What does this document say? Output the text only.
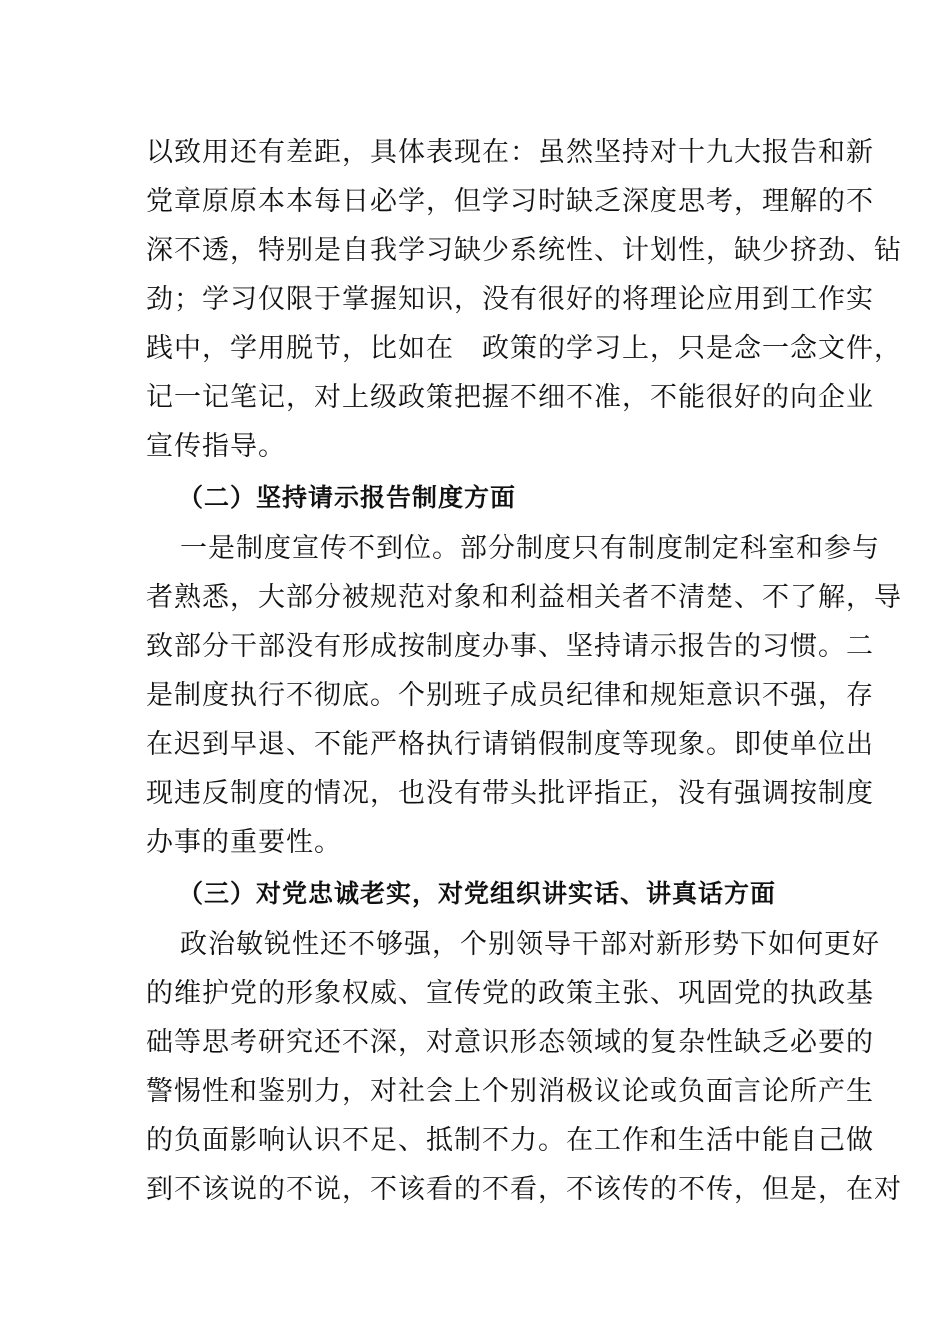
以 致 用 还 有 差 距 ， 具 体 表 现 在 ： 虽 然 坚 持 对 十 九 大 报 告 和 新
党 章 原 原 本 本 每 日 必 学 ， 但 学 习 时 缺 乏 深 度 思 考 ， 理 解 的 不
深 不 透 ， 特 别 是 自 我 学 习 缺 少 系 统 性 、 计 划 性 ， 缺 少 挤 劲 、 钻
劲 ； 学 习 仅 限 于 掌 握 知 识 ， 没 有 很 好 的 将 理 论 应 用 到 工 作 实
践 中 ， 学 用 脱 节 ， 比 如 在
　 政 策 的 学 习 上 ， 只 是 念 一 念 文 件 ，
记 一 记 笔 记 ， 对 上 级 政 策 把 握 不 细 不 准 ， 不 能 很 好 的 向 企 业
宣传指导。
（二）坚持请示报告制度方面
一 是 制 度 宣 传 不 到 位 。 部 分 制 度 只 有 制 度 制 定 科 室 和 参 与
者 熟 悉 ， 大 部 分 被 规 范 对 象 和 利 益 相 关 者 不 清 楚 、 不 了 解 ， 导
致 部 分 干 部 没 有 形 成 按 制 度 办 事 、 坚 持 请 示 报 告 的 习 惯 。 二
是 制 度 执 行 不 彻 底 。 个 别 班 子 成 员 纪 律 和 规 矩 意 识 不 强 ， 存
在 迟 到 早 退 、 不 能 严 格 执 行 请 销 假 制 度 等 现 象 。 即 使 单 位 出
现 违 反 制 度 的 情 况 ， 也 没 有 带 头 批 评 指 正 ， 没 有 强 调 按 制 度
办事的重要性。
（三）对党忠诚老实，对党组织讲实话、讲真话方面
政 治 敏 锐 性 还 不 够 强 ， 个 别 领 导 干 部 对 新 形 势 下 如 何 更 好
的 维 护 党 的 形 象 权 威 、 宣 传 党 的 政 策 主 张 、 巩 固 党 的 执 政 基
础 等 思 考 研 究 还 不 深 ， 对 意 识 形 态 领 域 的 复 杂 性 缺 乏 必 要 的
警 惕 性 和 鉴 别 力 ， 对 社 会 上 个 别 消 极 议 论 或 负 面 言 论 所 产 生
的 负 面 影 响 认 识 不 足 、 抵 制 不 力 。 在 工 作 和 生 活 中 能 自 己 做
到 不 该 说 的 不 说 ， 不 该 看 的 不 看 ， 不 该 传 的 不 传 ， 但 是 ， 在 对
